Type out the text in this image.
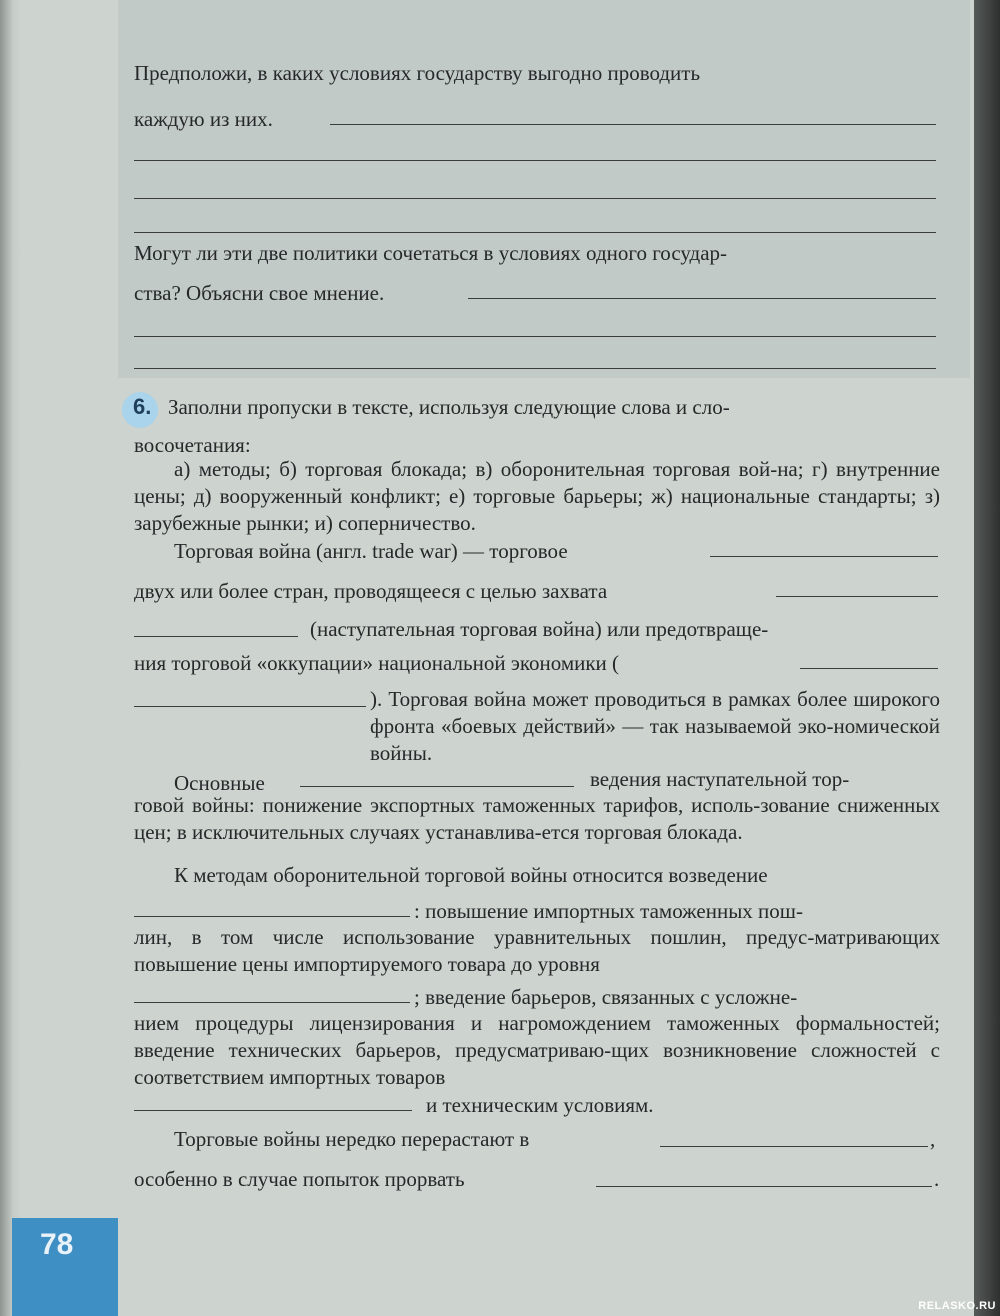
78
RELASKO.RU
Предположи, в каких условиях государству выгодно проводить
каждую из них.
Могут ли эти две политики сочетаться в условиях одного государ-
ства? Объясни свое мнение.
6. Заполни пропуски в тексте, используя следующие слова и сло-
восочетания:
а) методы; б) торговая блокада; в) оборонительная торговая вой-на; г) внутренние цены; д) вооруженный конфликт; е) торговые барьеры; ж) национальные стандарты; з) зарубежные рынки; и) соперничество.
Торговая война (англ. trade war) — торговое
двух или более стран, проводящееся с целью захвата
(наступательная торговая война) или предотвраще-
ния торговой «оккупации» национальной экономики (
). Торговая война может проводиться в рамках более широкого фронта «боевых действий» — так называемой эко-номической войны.
Основные	ведения наступательной тор-
говой войны: понижение экспортных таможенных тарифов, исполь-зование сниженных цен; в исключительных случаях устанавлива-ется торговая блокада.
К методам оборонительной торговой войны относится возведение
: повышение импортных таможенных пош-
лин, в том числе использование уравнительных пошлин, предус-матривающих повышение цены импортируемого товара до уровня
; введение барьеров, связанных с усложне-
нием процедуры лицензирования и нагромождением таможенных формальностей; введение технических барьеров, предусматриваю-щих возникновение сложностей с соответствием импортных товаров
и техническим условиям.
Торговые войны нередко перерастают в	,
особенно в случае попыток прорвать	.
